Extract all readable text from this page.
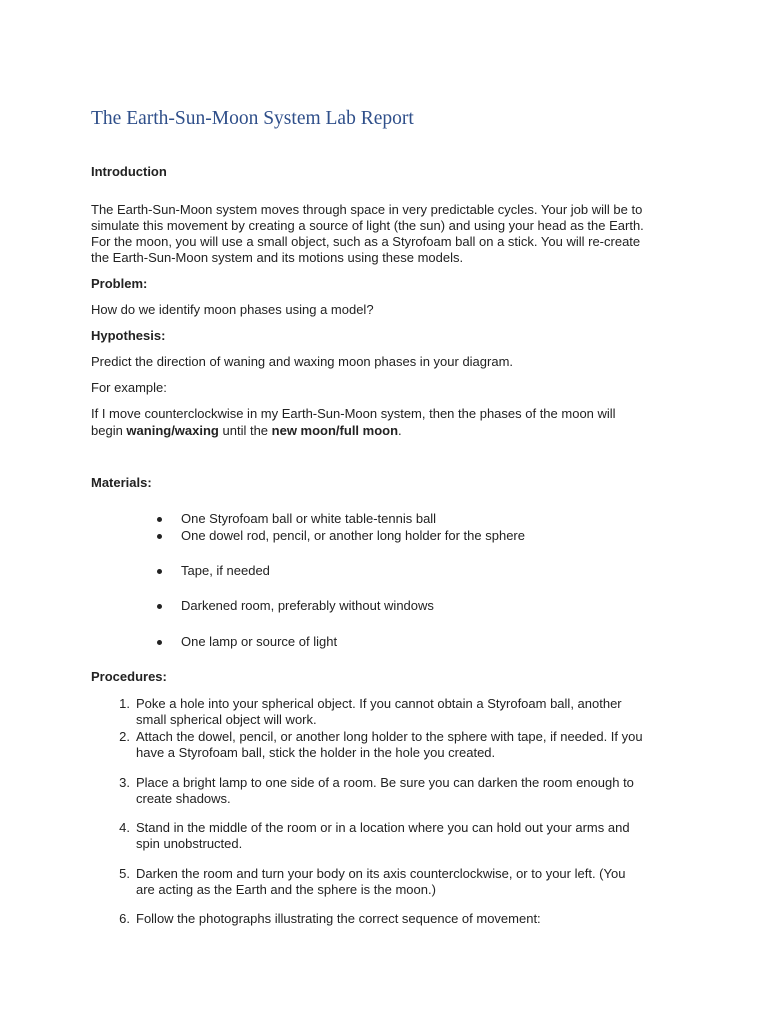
The Earth-Sun-Moon System Lab Report
Introduction
The Earth-Sun-Moon system moves through space in very predictable cycles. Your job will be to
simulate this movement by creating a source of light (the sun) and using your head as the Earth.
For the moon, you will use a small object, such as a Styrofoam ball on a stick. You will re-create
the Earth-Sun-Moon system and its motions using these models.
Problem:
How do we identify moon phases using a model?
Hypothesis:
Predict the direction of waning and waxing moon phases in your diagram.
For example:
If I move counterclockwise in my Earth-Sun-Moon system, then the phases of the moon will
begin waning/waxing until the new moon/full moon.
Materials:
One Styrofoam ball or white table-tennis ball
One dowel rod, pencil, or another long holder for the sphere
Tape, if needed
Darkened room, preferably without windows
One lamp or source of light
Procedures:
1. Poke a hole into your spherical object. If you cannot obtain a Styrofoam ball, another
small spherical object will work.
2. Attach the dowel, pencil, or another long holder to the sphere with tape, if needed. If you
have a Styrofoam ball, stick the holder in the hole you created.
3. Place a bright lamp to one side of a room. Be sure you can darken the room enough to
create shadows.
4. Stand in the middle of the room or in a location where you can hold out your arms and
spin unobstructed.
5. Darken the room and turn your body on its axis counterclockwise, or to your left. (You
are acting as the Earth and the sphere is the moon.)
6. Follow the photographs illustrating the correct sequence of movement:
